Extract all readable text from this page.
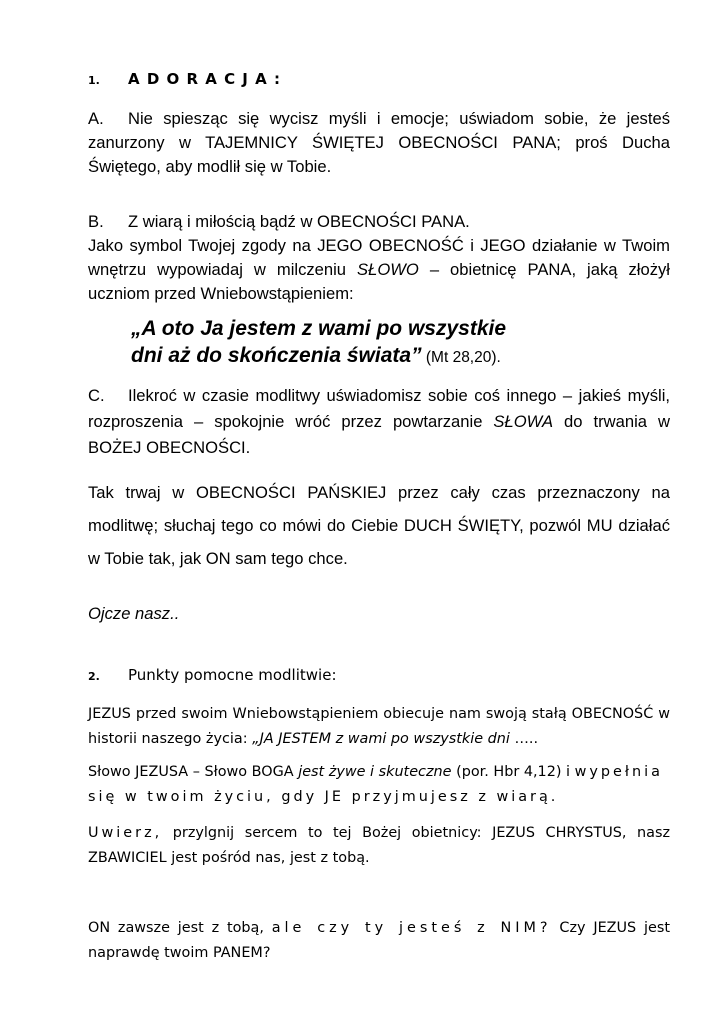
1. A D O R A C J A :
A. Nie spiesząc się wycisz myśli i emocje; uświadom sobie, że jesteś zanurzony w TAJEMNICY ŚWIĘTEJ OBECNOŚCI PANA; proś Ducha Świętego, aby modlił się w Tobie.
B. Z wiarą i miłością bądź w OBECNOŚCI PANA.
Jako symbol Twojej zgody na JEGO OBECNOŚĆ i JEGO działanie w Twoim wnętrzu wypowiadaj w milczeniu SŁOWO – obietnicę PANA, jaką złożył uczniom przed Wniebowstąpieniem:
„A oto Ja jestem z wami po wszystkie
dni aż do skończenia świata” (Mt 28,20).
C. Ilekroć w czasie modlitwy uświadomisz sobie coś innego – jakieś myśli, rozproszenia – spokojnie wróć przez powtarzanie SŁOWA do trwania w BOŻEJ OBECNOŚCI.
Tak trwaj w OBECNOŚCI PAŃSKIEJ przez cały czas przeznaczony na modlitwę; słuchaj tego co mówi do Ciebie DUCH ŚWIĘTY, pozwól MU działać w Tobie tak, jak ON sam tego chce.
Ojcze nasz..
2. Punkty pomocne modlitwie:
JEZUS przed swoim Wniebowstąpieniem obiecuje nam swoją stałą OBECNOŚĆ w historii naszego życia: „JA JESTEM z wami po wszystkie dni …..
Słowo JEZUSA – Słowo BOGA jest żywe i skuteczne (por. Hbr 4,12) i wypełnia się w twoim życiu, gdy JE przyjmujesz z wiarą.
Uwierz, przylgnij sercem to tej Bożej obietnicy: JEZUS CHRYSTUS, nasz ZBAWICIEL jest pośród nas, jest z tobą.
ON zawsze jest z tobą, ale czy ty jesteś z NIM? Czy JEZUS jest naprawdę twoim PANEM?
